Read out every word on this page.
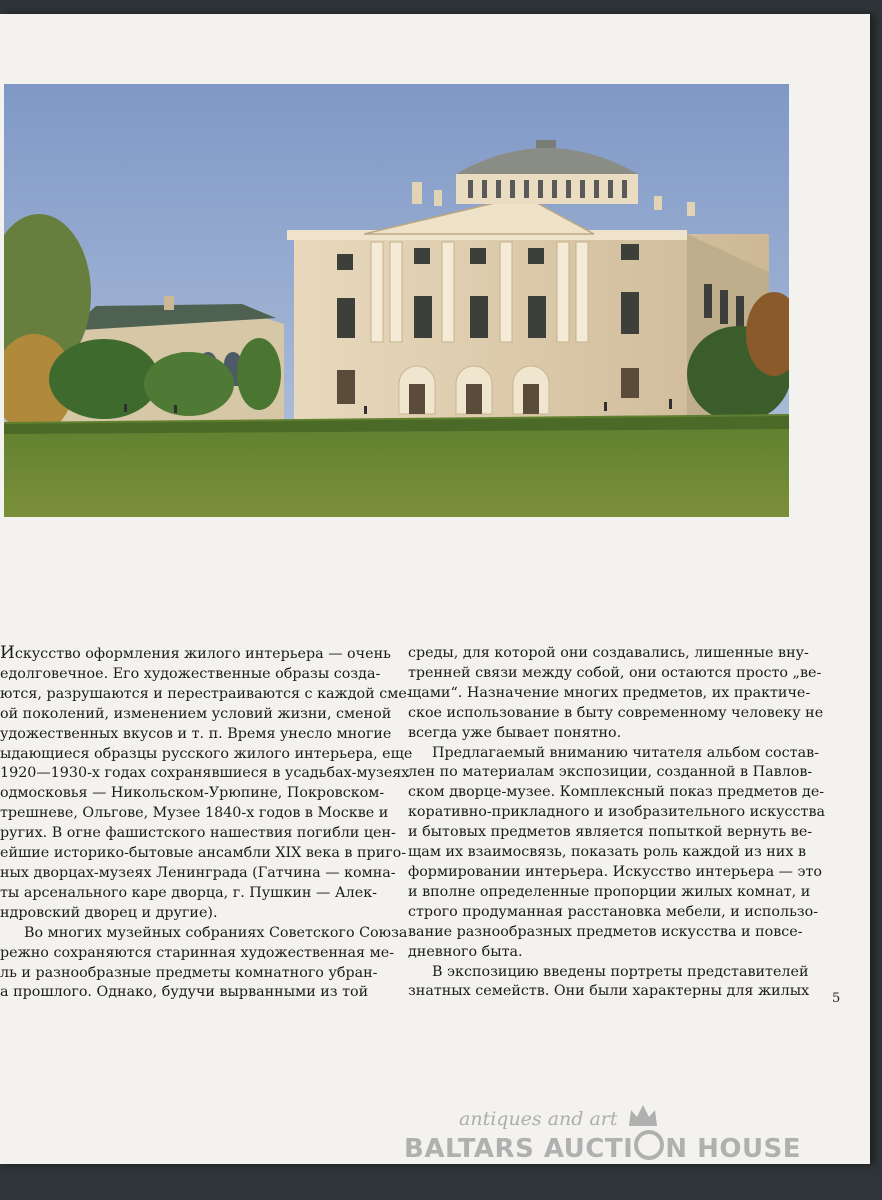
Искусство оформления жилого интерьера — очень
едолговечное. Его художественные образы созда-
ются, разрушаются и перестраиваются с каждой сме-
ой поколений, изменением условий жизни, сменой
удожественных вкусов и т. п. Время унесло многие
ыдающиеся образцы русского жилого интерьера, еще
1920—1930-х годах сохранявшиеся в усадьбах-музеях
одмосковья — Никольском-Урюпине, Покровском-
трешневе, Ольгове, Музее 1840-х годов в Москве и
ругих. В огне фашистского нашествия погибли цен-
ейшие историко-бытовые ансамбли XIX века в приго-
ных дворцах-музеях Ленинграда (Гатчина — комна-
ты арсенального каре дворца, г. Пушкин — Алек-
ндровский дворец и другие).
Во многих музейных собраниях Советского Союза
режно сохраняются старинная художественная ме-
ль и разнообразные предметы комнатного убран-
а прошлого. Однако, будучи вырванными из той
среды, для которой они создавались, лишенные вну-
тренней связи между собой, они остаются просто „ве-
щами“. Назначение многих предметов, их практиче-
ское использование в быту современному человеку не
всегда уже бывает понятно.
Предлагаемый вниманию читателя альбом состав-
лен по материалам экспозиции, созданной в Павлов-
ском дворце-музее. Комплексный показ предметов де-
коративно-прикладного и изобразительного искусства
и бытовых предметов является попыткой вернуть ве-
щам их взаимосвязь, показать роль каждой из них в
формировании интерьера. Искусство интерьера — это
и вполне определенные пропорции жилых комнат, и
строго продуманная расстановка мебели, и использо-
вание разнообразных предметов искусства и повсе-
дневного быта.
В экспозицию введены портреты представителей
знатных семейств. Они были характерны для жилых 5
antiques and art
BALTARS AUCTI N HOUSE
